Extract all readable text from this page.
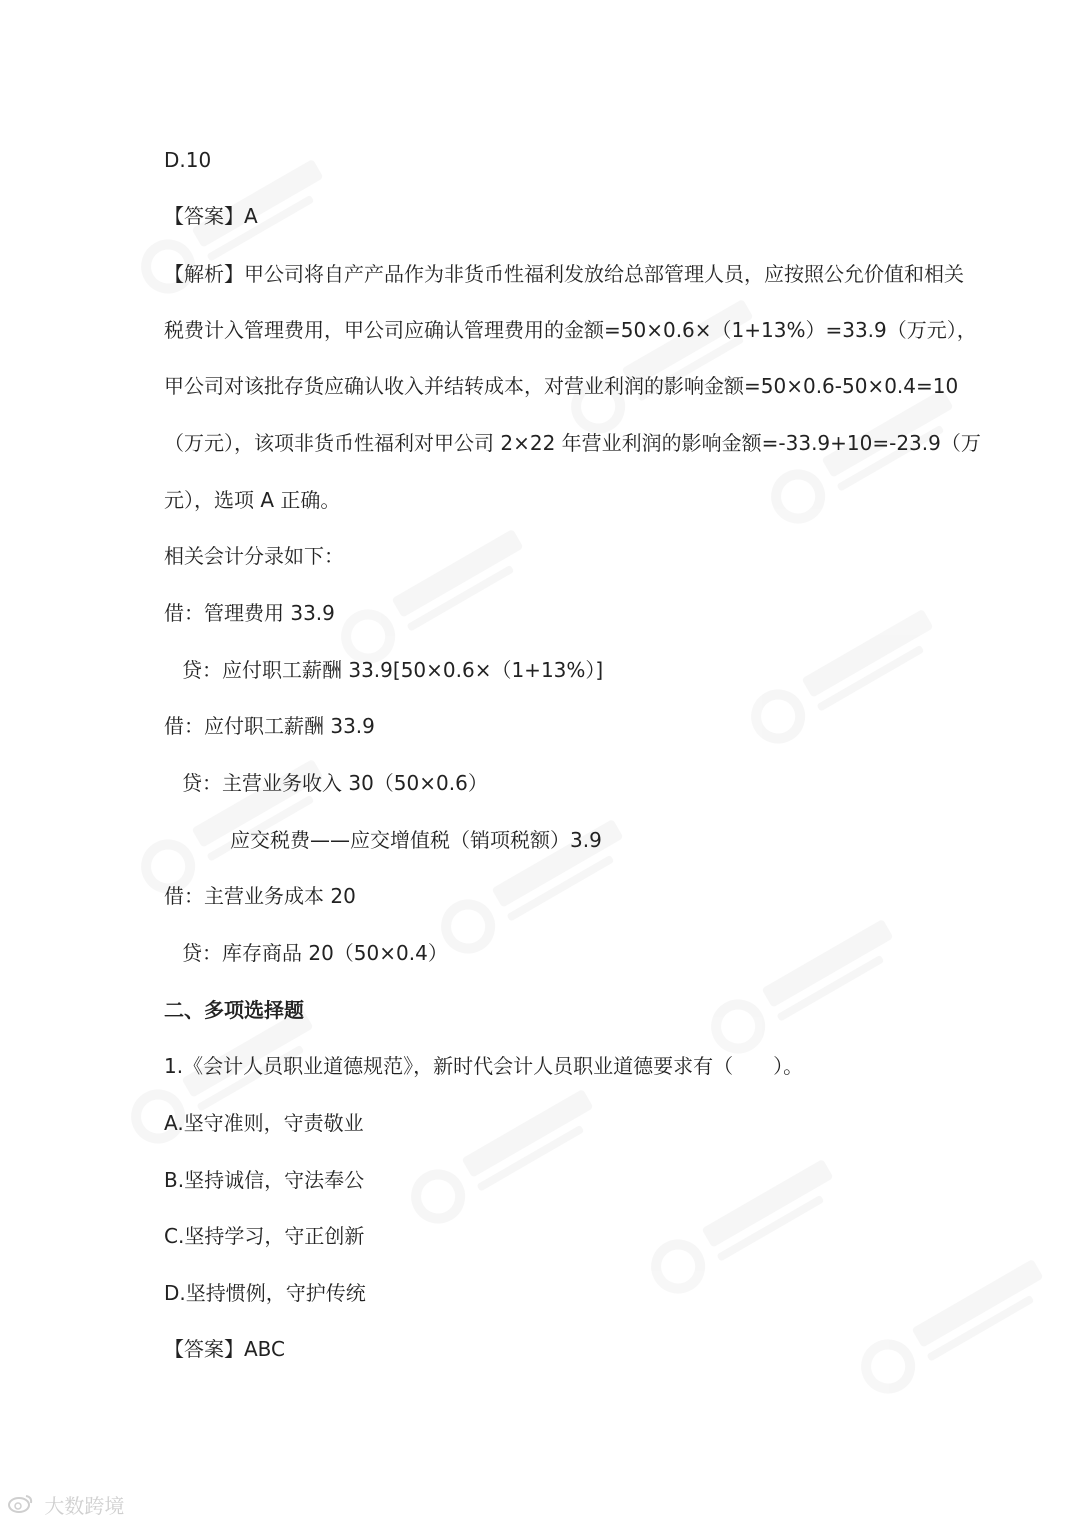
D.10
【答案】A
【解析】甲公司将自产产品作为非货币性福利发放给总部管理人员，应按照公允价值和相关
税费计入管理费用，甲公司应确认管理费用的金额=50×0.6×（1+13%）=33.9（万元），
甲公司对该批存货应确认收入并结转成本，对营业利润的影响金额=50×0.6-50×0.4=10
（万元），该项非货币性福利对甲公司 2×22 年营业利润的影响金额=-33.9+10=-23.9（万
元），选项 A 正确。
相关会计分录如下：
借：管理费用 33.9
贷：应付职工薪酬 33.9[50×0.6×（1+13%）]
借：应付职工薪酬 33.9
贷：主营业务收入 30（50×0.6）
应交税费——应交增值税（销项税额）3.9
借：主营业务成本 20
贷：库存商品 20（50×0.4）
二、多项选择题
1.《会计人员职业道德规范》，新时代会计人员职业道德要求有（　　）。
A.坚守准则，守责敬业
B.坚持诚信，守法奉公
C.坚持学习，守正创新
D.坚持惯例，守护传统
【答案】ABC
大数跨境
